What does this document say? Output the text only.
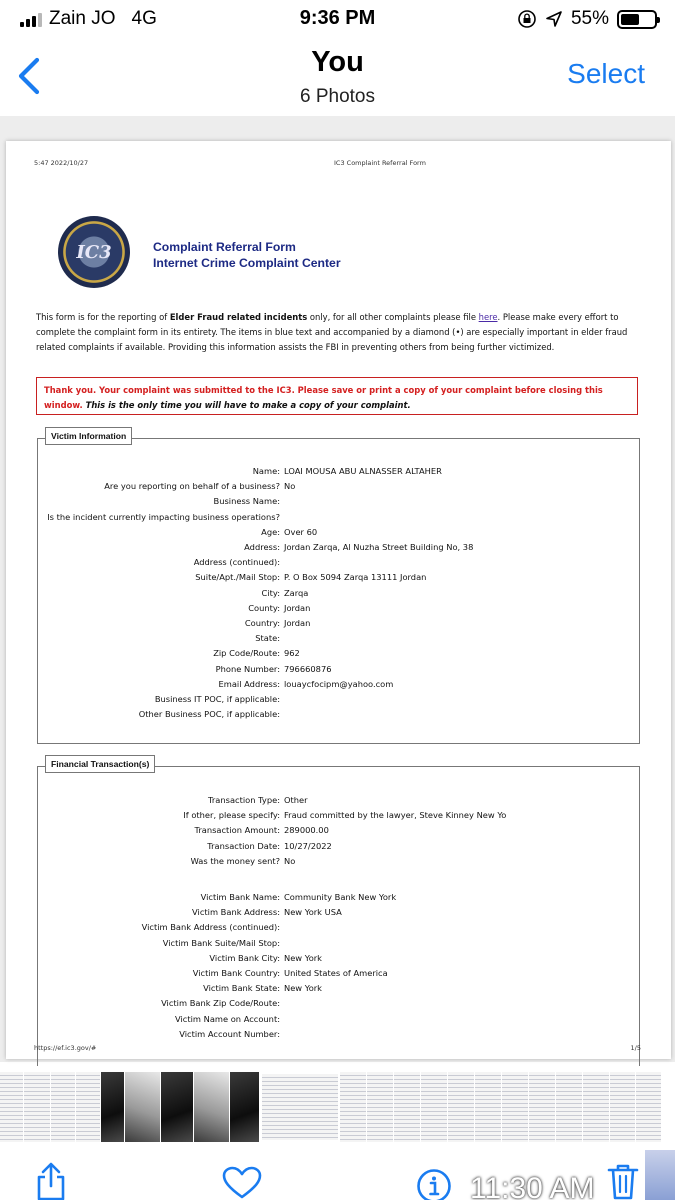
Zain JO 4G	9:36 PM	55%
You
6 Photos
Select
5:47 2022/10/27	IC3 Complaint Referral Form
IC3	Complaint Referral Form
Internet Crime Complaint Center
This form is for the reporting of Elder Fraud related incidents only, for all other complaints please file here. Please make every effort to complete the complaint form in its entirety. The items in blue text and accompanied by a diamond (•) are especially important in elder fraud related complaints if available. Providing this information assists the FBI in preventing others from being further victimized.
Thank you. Your complaint was submitted to the IC3. Please save or print a copy of your complaint before closing this window. This is the only time you will have to make a copy of your complaint.
Victim Information
Name: LOAI MOUSA ABU ALNASSER ALTAHER
Are you reporting on behalf of a business? No
Business Name:
Is the incident currently impacting business operations?
Age: Over 60
Address: Jordan Zarqa, Al Nuzha Street Building No, 38
Address (continued):
Suite/Apt./Mail Stop: P. O Box 5094 Zarqa 13111 Jordan
City: Zarqa
County: Jordan
Country: Jordan
State:
Zip Code/Route: 962
Phone Number: 796660876
Email Address: louaycfocipm@yahoo.com
Business IT POC, if applicable:
Other Business POC, if applicable:
Financial Transaction(s)
Transaction Type: Other
If other, please specify: Fraud committed by the lawyer, Steve Kinney New Yo
Transaction Amount: 289000.00
Transaction Date: 10/27/2022
Was the money sent? No
Victim Bank Name: Community Bank New York
Victim Bank Address: New York USA
Victim Bank Address (continued):
Victim Bank Suite/Mail Stop:
Victim Bank City: New York
Victim Bank Country: United States of America
Victim Bank State: New York
Victim Bank Zip Code/Route:
Victim Name on Account:
Victim Account Number:
https://ef.ic3.gov/#	1/5
11:30 AM
